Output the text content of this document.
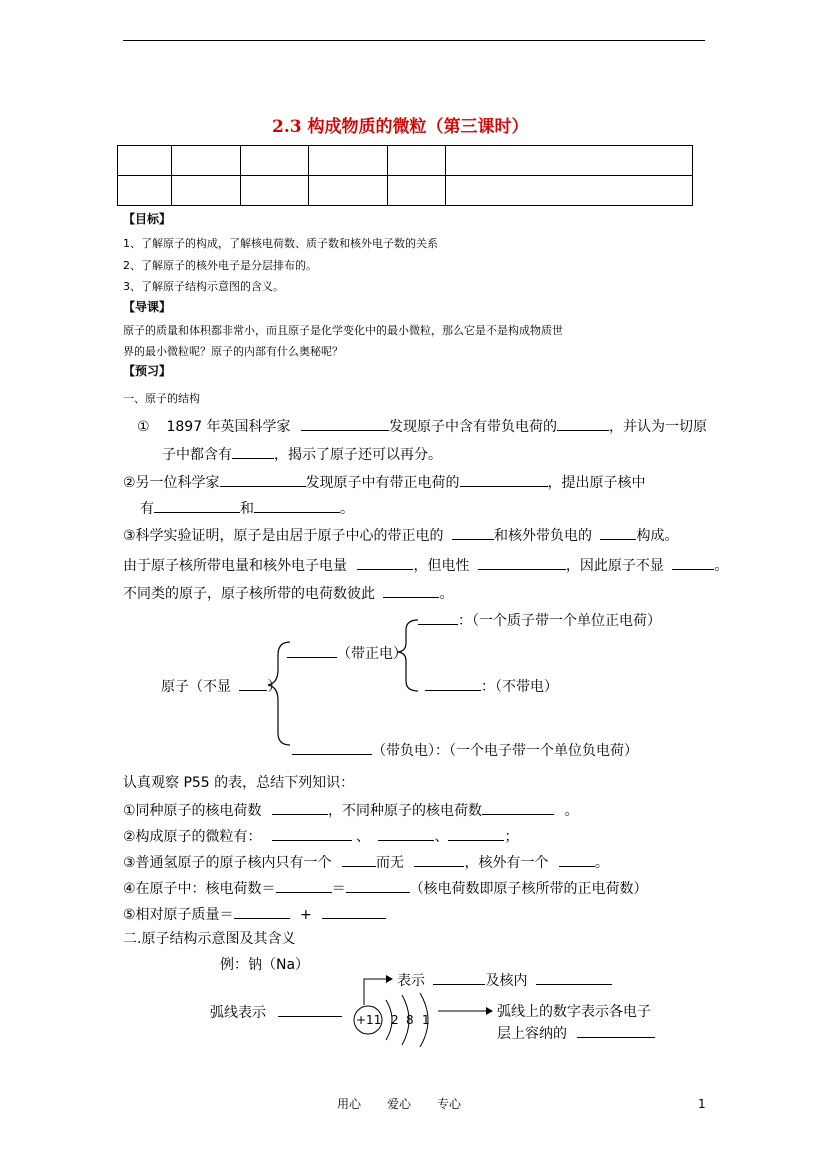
2.3 构成物质的微粒（第三课时）

【目标】
1、了解原子的构成，了解核电荷数、质子数和核外电子数的关系
2、了解原子的核外电子是分层排布的。
3、了解原子结构示意图的含义。
【导课】
原子的质量和体积都非常小，而且原子是化学变化中的最小微粒，那么它是不是构成物质世
界的最小微粒呢？原子的内部有什么奥秘呢？
【预习】
一、原子的结构
① 1897 年英国科学家	发现原子中含有带负电荷的	，并认为一切原
子中都含有	，揭示了原子还可以再分。
②另一位科学家	发现原子中有带正电荷的	，提出原子核中
有	和	。
③科学实验证明，原子是由居于原子中心的带正电的	和核外带负电的	构成。
由于原子核所带电量和核外电子电量	，但电性	，因此原子不显	。
不同类的原子，原子核所带的电荷数彼此	。
：（一个质子带一个单位正电荷）
（带正电）
：（不带电）
原子（不显	）
（带负电）：（一个电子带一个单位负电荷）
认真观察 P55 的表，总结下列知识：
①同种原子的核电荷数	，不同种原子的核电荷数	。
②构成原子的微粒有：	、	、	；
③普通氢原子的原子核内只有一个	而无	，核外有一个	。
④在原子中：核电荷数＝	＝	（核电荷数即原子核所带的正电荷数）
⑤相对原子质量＝	+
二.原子结构示意图及其含义
例：钠（Na）
+11 2 8 1
表示	及核内
弧线表示	弧线上的数字表示各电子
层上容纳的
用心 爱心 专心	1
